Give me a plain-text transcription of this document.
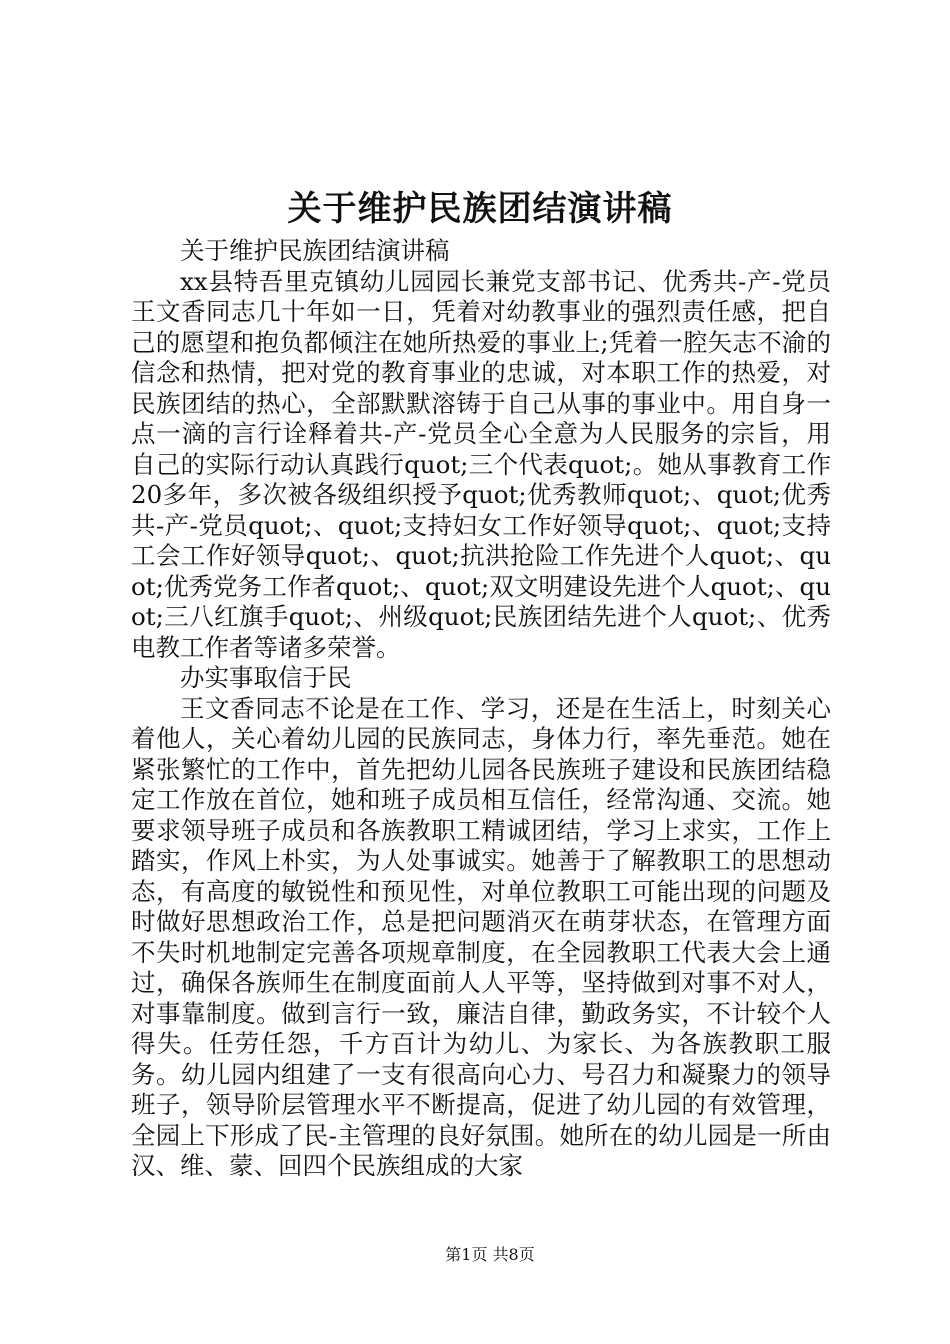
关于维护民族团结演讲稿

关于维护民族团结演讲稿

xx县特吾里克镇幼儿园园长兼党支部书记、优秀共-产-党员王文香同志几十年如一日，凭着对幼教事业的强烈责任感，把自己的愿望和抱负都倾注在她所热爱的事业上;凭着一腔矢志不渝的信念和热情，把对党的教育事业的忠诚，对本职工作的热爱，对民族团结的热心，全部默默溶铸于自己从事的事业中。用自身一点一滴的言行诠释着共-产-党员全心全意为人民服务的宗旨，用自己的实际行动认真践行quot;三个代表quot;。她从事教育工作20多年，多次被各级组织授予quot;优秀教师quot;、quot;优秀共-产-党员quot;、quot;支持妇女工作好领导quot;、quot;支持工会工作好领导quot;、quot;抗洪抢险工作先进个人quot;、quot;优秀党务工作者quot;、quot;双文明建设先进个人quot;、quot;三八红旗手quot;、州级quot;民族团结先进个人quot;、优秀电教工作者等诸多荣誉。

办实事取信于民

王文香同志不论是在工作、学习，还是在生活上，时刻关心着他人，关心着幼儿园的民族同志，身体力行，率先垂范。她在紧张繁忙的工作中，首先把幼儿园各民族班子建设和民族团结稳定工作放在首位，她和班子成员相互信任，经常沟通、交流。她要求领导班子成员和各族教职工精诚团结，学习上求实，工作上踏实，作风上朴实，为人处事诚实。她善于了解教职工的思想动态，有高度的敏锐性和预见性，对单位教职工可能出现的问题及时做好思想政治工作，总是把问题消灭在萌芽状态，在管理方面不失时机地制定完善各项规章制度，在全园教职工代表大会上通过，确保各族师生在制度面前人人平等，坚持做到对事不对人，对事靠制度。做到言行一致，廉洁自律，勤政务实，不计较个人得失。任劳任怨，千方百计为幼儿、为家长、为各族教职工服务。幼儿园内组建了一支有很高向心力、号召力和凝聚力的领导班子，领导阶层管理水平不断提高，促进了幼儿园的有效管理，全园上下形成了民-主管理的良好氛围。她所在的幼儿园是一所由汉、维、蒙、回四个民族组成的大家

第1页 共8页
